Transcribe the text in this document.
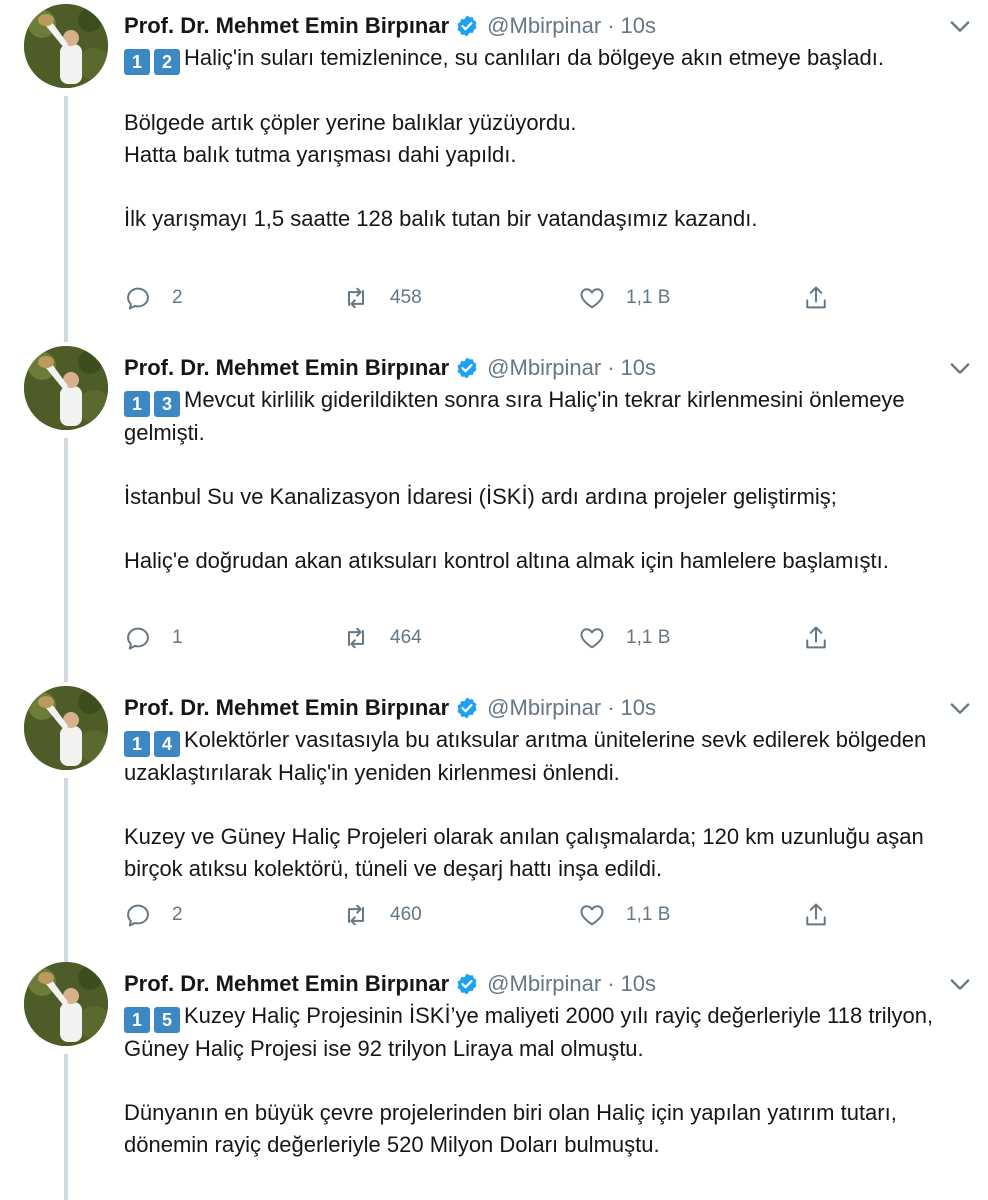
Prof. Dr. Mehmet Emin Birpınar @Mbirpinar · 10s

1 2 Haliç'in suları temizlenince, su canlıları da bölgeye akın etmeye başladı.

Bölgede artık çöpler yerine balıklar yüzüyordu.
Hatta balık tutma yarışması dahi yapıldı.

İlk yarışmayı 1,5 saatte 128 balık tutan bir vatandaşımız kazandı.

2	458	1,1 B
Prof. Dr. Mehmet Emin Birpınar @Mbirpinar · 10s

1 3 Mevcut kirlilik giderildikten sonra sıra Haliç'in tekrar kirlenmesini önlemeye gelmişti.

İstanbul Su ve Kanalizasyon İdaresi (İSKİ) ardı ardına projeler geliştirmiş;

Haliç'e doğrudan akan atıksuları kontrol altına almak için hamlelere başlamıştı.

1	464	1,1 B
Prof. Dr. Mehmet Emin Birpınar @Mbirpinar · 10s

1 4 Kolektörler vasıtasıyla bu atıksular arıtma ünitelerine sevk edilerek bölgeden uzaklaştırılarak Haliç'in yeniden kirlenmesi önlendi.

Kuzey ve Güney Haliç Projeleri olarak anılan çalışmalarda; 120 km uzunluğu aşan birçok atıksu kolektörü, tüneli ve deşarj hattı inşa edildi.

2	460	1,1 B
Prof. Dr. Mehmet Emin Birpınar @Mbirpinar · 10s

1 5 Kuzey Haliç Projesinin İSKİ’ye maliyeti 2000 yılı rayiç değerleriyle 118 trilyon,
Güney Haliç Projesi ise 92 trilyon Liraya mal olmuştu.

Dünyanın en büyük çevre projelerinden biri olan Haliç için yapılan yatırım tutarı, dönemin rayiç değerleriyle 520 Milyon Doları bulmuştu.
